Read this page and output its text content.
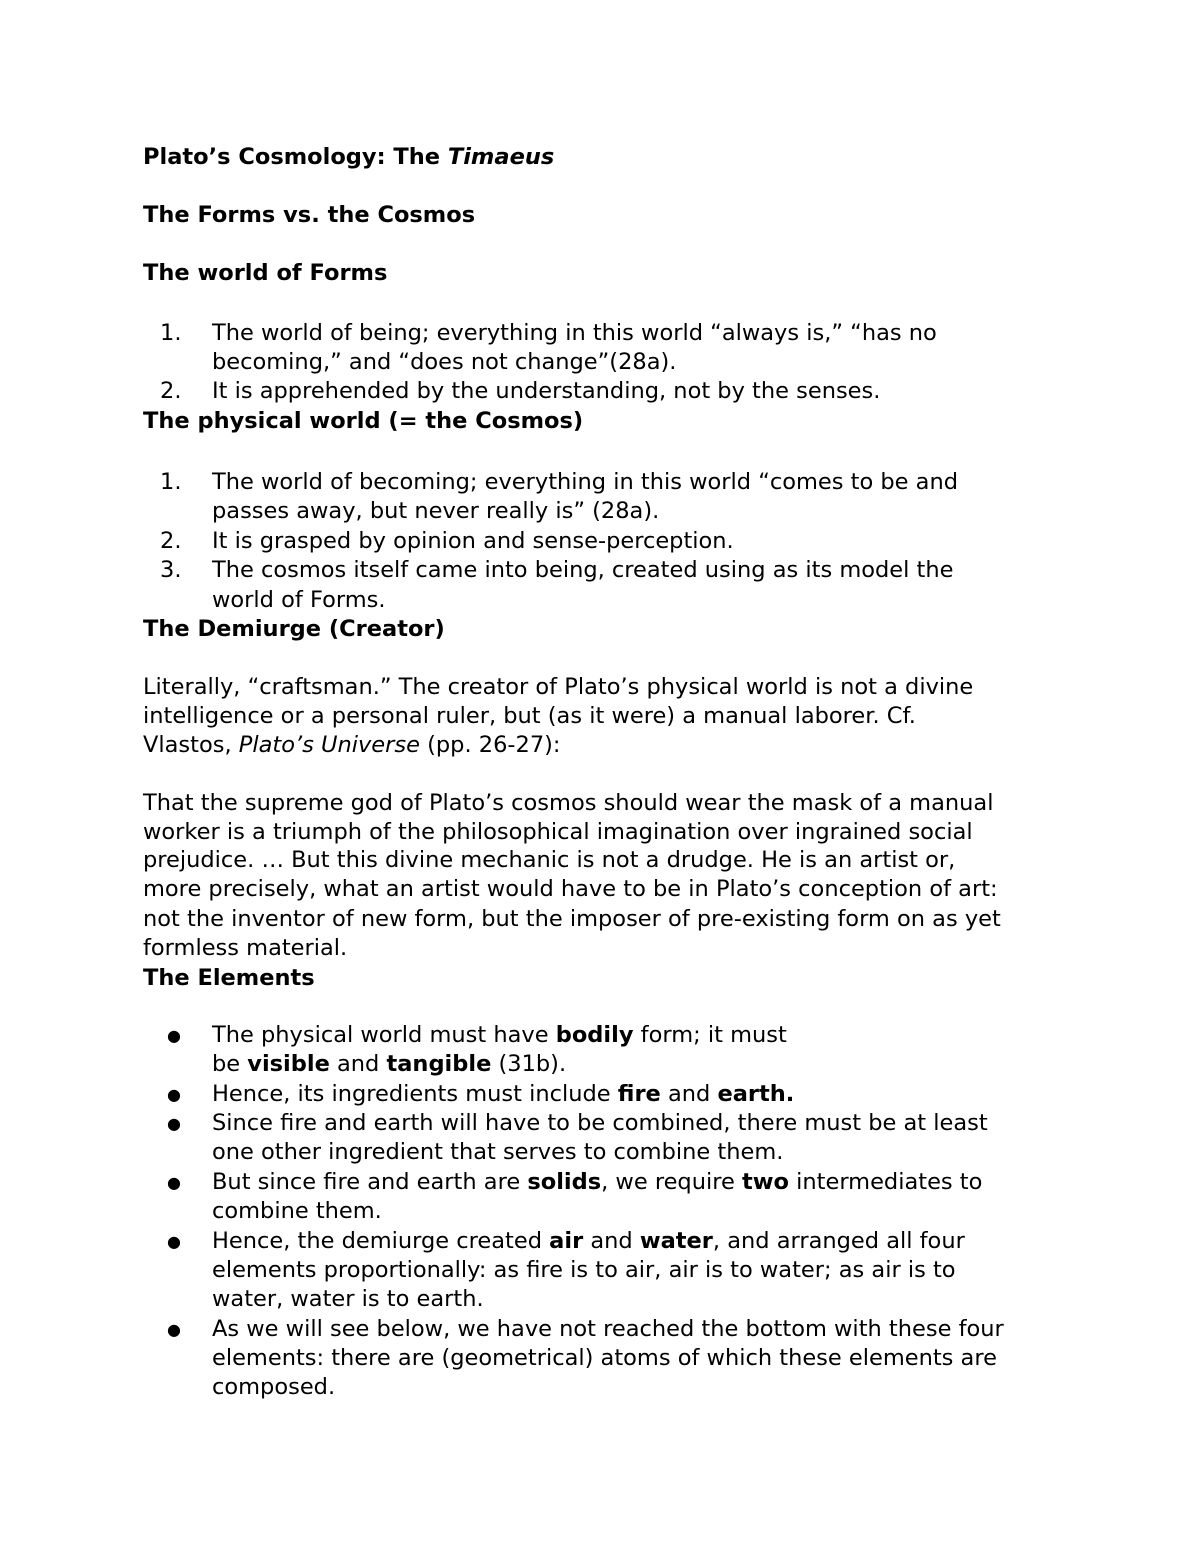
Plato’s Cosmology: The Timaeus
The Forms vs. the Cosmos
The world of Forms
1. The world of being; everything in this world “always is,” “has no
becoming,” and “does not change”(28a).
2. It is apprehended by the understanding, not by the senses.
The physical world (= the Cosmos)
1. The world of becoming; everything in this world “comes to be and
passes away, but never really is” (28a).
2. It is grasped by opinion and sense-perception.
3. The cosmos itself came into being, created using as its model the
world of Forms.
The Demiurge (Creator)
Literally, “craftsman.” The creator of Plato’s physical world is not a divine
intelligence or a personal ruler, but (as it were) a manual laborer. Cf.
Vlastos, Plato’s Universe (pp. 26-27):
That the supreme god of Plato’s cosmos should wear the mask of a manual
worker is a triumph of the philosophical imagination over ingrained social
prejudice. … But this divine mechanic is not a drudge. He is an artist or,
more precisely, what an artist would have to be in Plato’s conception of art:
not the inventor of new form, but the imposer of pre-existing form on as yet
formless material.
The Elements
● The physical world must have bodily form; it must
be visible and tangible (31b).
● Hence, its ingredients must include fire and earth.
● Since fire and earth will have to be combined, there must be at least
one other ingredient that serves to combine them.
● But since fire and earth are solids, we require two intermediates to
combine them.
● Hence, the demiurge created air and water, and arranged all four
elements proportionally: as fire is to air, air is to water; as air is to
water, water is to earth.
● As we will see below, we have not reached the bottom with these four
elements: there are (geometrical) atoms of which these elements are
composed.
